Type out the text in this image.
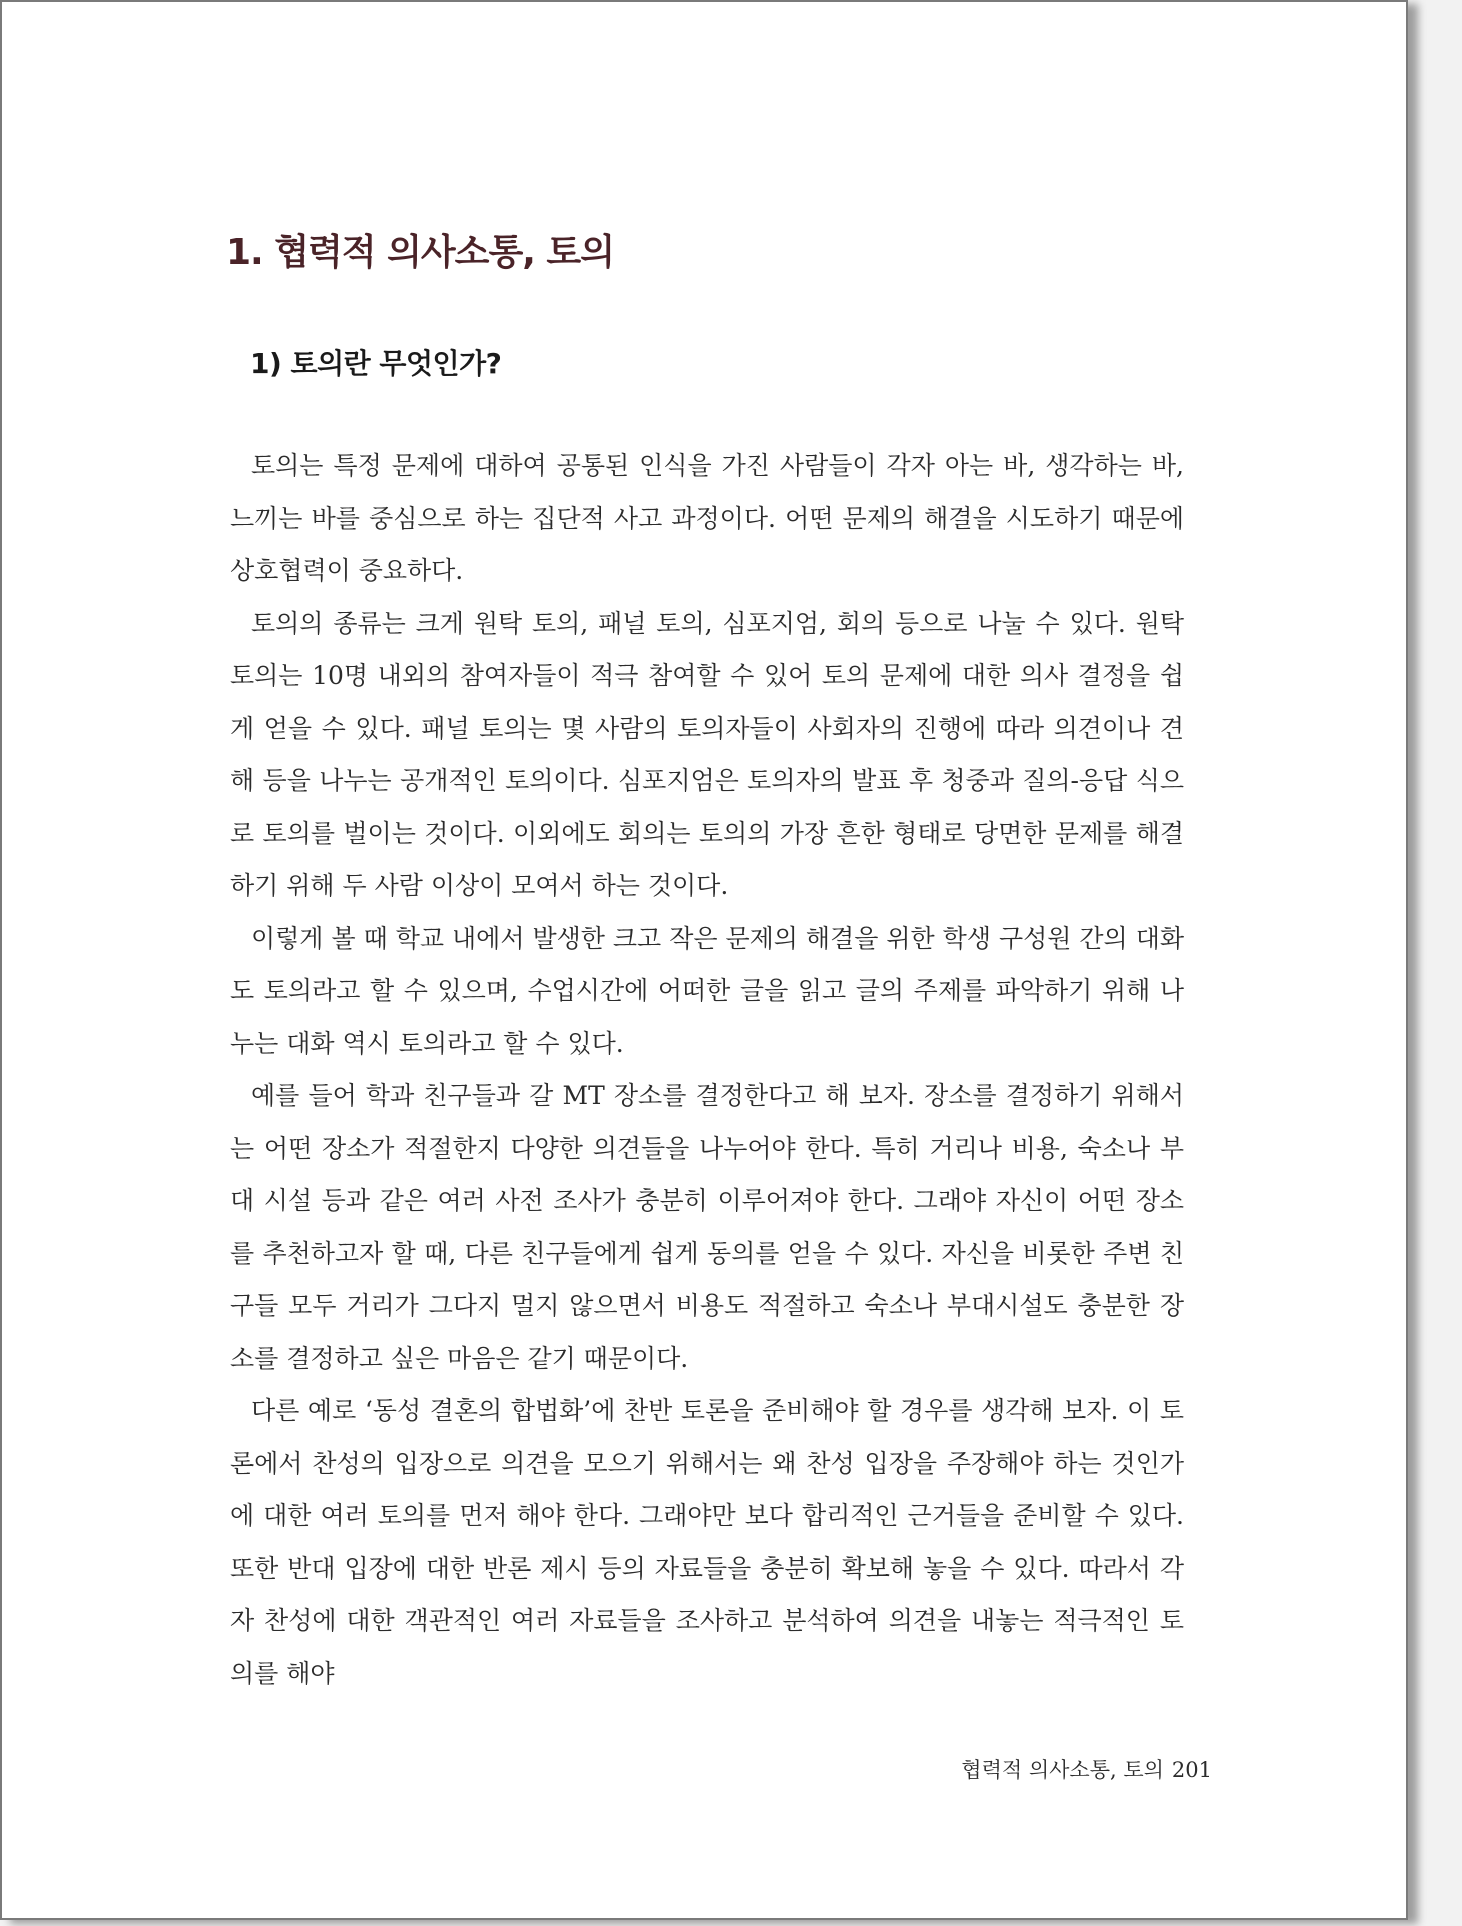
1. 협력적 의사소통, 토의
1) 토의란 무엇인가?

토의는 특정 문제에 대하여 공통된 인식을 가진 사람들이 각자 아는 바, 생각하는 바, 느끼는 바를 중심으로 하는 집단적 사고 과정이다. 어떤 문제의 해결을 시도하기 때문에 상호협력이 중요하다.

토의의 종류는 크게 원탁 토의, 패널 토의, 심포지엄, 회의 등으로 나눌 수 있다. 원탁 토의는 10명 내외의 참여자들이 적극 참여할 수 있어 토의 문제에 대한 의사 결정을 쉽게 얻을 수 있다. 패널 토의는 몇 사람의 토의자들이 사회자의 진행에 따라 의견이나 견해 등을 나누는 공개적인 토의이다. 심포지엄은 토의자의 발표 후 청중과 질의-응답 식으로 토의를 벌이는 것이다. 이외에도 회의는 토의의 가장 흔한 형태로 당면한 문제를 해결하기 위해 두 사람 이상이 모여서 하는 것이다.

이렇게 볼 때 학교 내에서 발생한 크고 작은 문제의 해결을 위한 학생 구성원 간의 대화도 토의라고 할 수 있으며, 수업시간에 어떠한 글을 읽고 글의 주제를 파악하기 위해 나누는 대화 역시 토의라고 할 수 있다.

예를 들어 학과 친구들과 갈 MT 장소를 결정한다고 해 보자. 장소를 결정하기 위해서는 어떤 장소가 적절한지 다양한 의견들을 나누어야 한다. 특히 거리나 비용, 숙소나 부대 시설 등과 같은 여러 사전 조사가 충분히 이루어져야 한다. 그래야 자신이 어떤 장소를 추천하고자 할 때, 다른 친구들에게 쉽게 동의를 얻을 수 있다. 자신을 비롯한 주변 친구들 모두 거리가 그다지 멀지 않으면서 비용도 적절하고 숙소나 부대시설도 충분한 장소를 결정하고 싶은 마음은 같기 때문이다.

다른 예로 ‘동성 결혼의 합법화’에 찬반 토론을 준비해야 할 경우를 생각해 보자. 이 토론에서 찬성의 입장으로 의견을 모으기 위해서는 왜 찬성 입장을 주장해야 하는 것인가에 대한 여러 토의를 먼저 해야 한다. 그래야만 보다 합리적인 근거들을 준비할 수 있다. 또한 반대 입장에 대한 반론 제시 등의 자료들을 충분히 확보해 놓을 수 있다. 따라서 각자 찬성에 대한 객관적인 여러 자료들을 조사하고 분석하여 의견을 내놓는 적극적인 토의를 해야

협력적 의사소통, 토의 201
